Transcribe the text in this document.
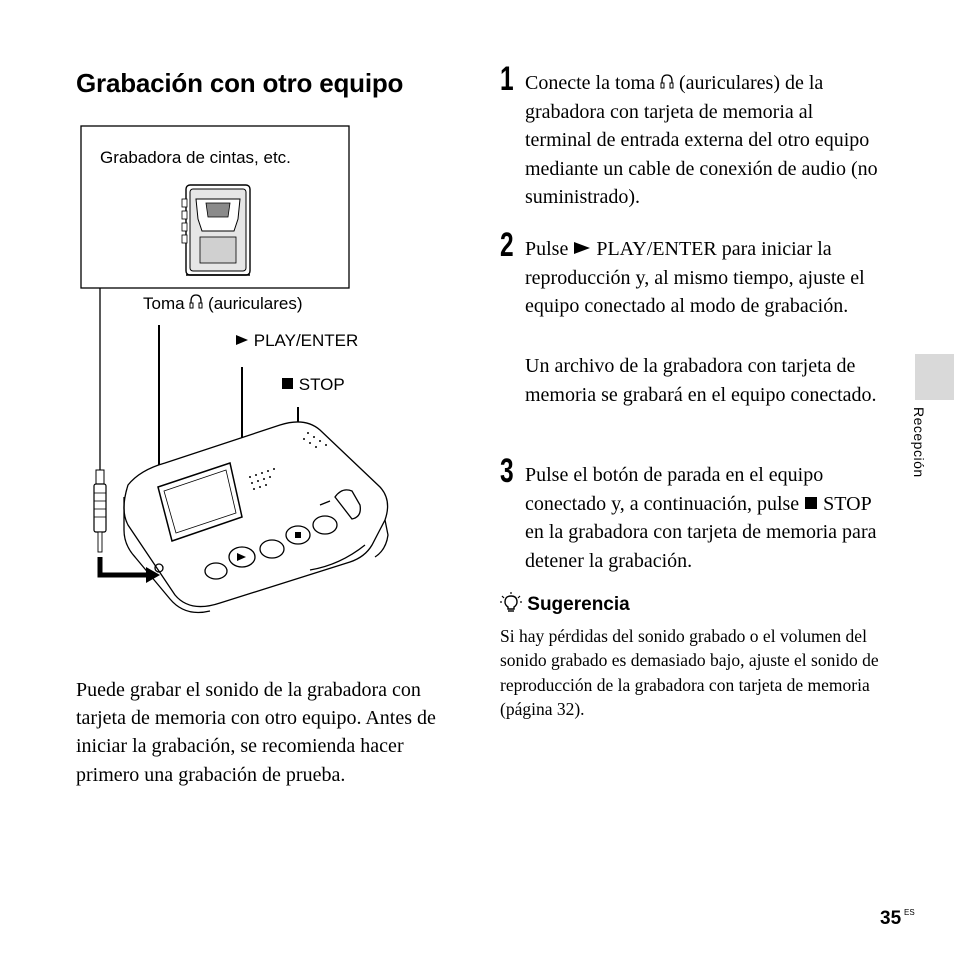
Grabación con otro equipo
Grabadora de cintas, etc.
Toma (auriculares)
PLAY/ENTER
STOP
Puede grabar el sonido de la grabadora con tarjeta de memoria con otro equipo. Antes de iniciar la grabación, se recomienda hacer primero una grabación de prueba.
1 Conecte la toma (auriculares) de la grabadora con tarjeta de memoria al terminal de entrada externa del otro equipo mediante un cable de conexión de audio (no suministrado).
2 Pulse PLAY/ENTER para iniciar la reproducción y, al mismo tiempo, ajuste el equipo conectado al modo de grabación.
Un archivo de la grabadora con tarjeta de memoria se grabará en el equipo conectado.
3 Pulse el botón de parada en el equipo conectado y, a continuación, pulse STOP en la grabadora con tarjeta de memoria para detener la grabación.
Sugerencia
Si hay pérdidas del sonido grabado o el volumen del sonido grabado es demasiado bajo, ajuste el sonido de reproducción de la grabadora con tarjeta de memoria (página 32).
Recepción
35 ES
